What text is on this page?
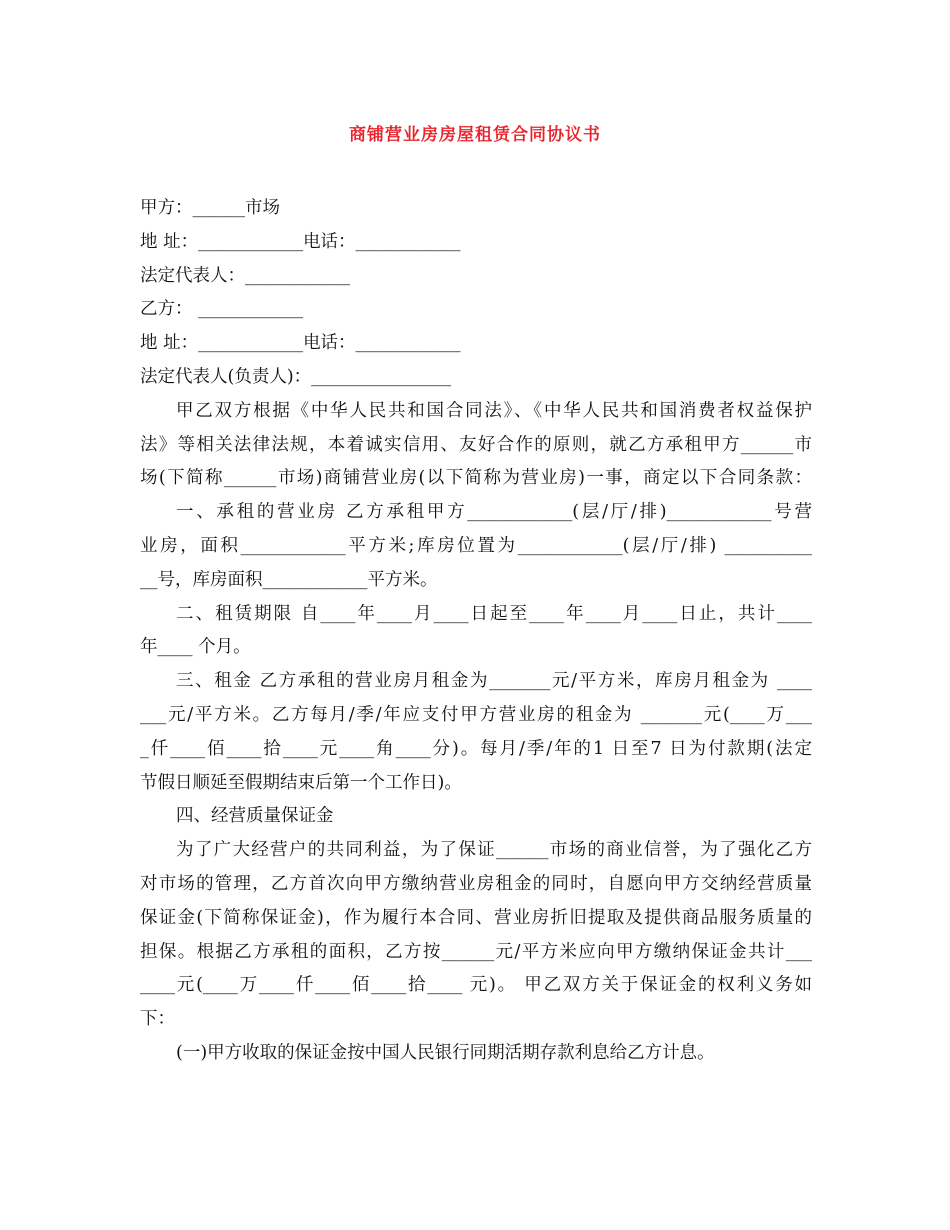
商铺营业房房屋租赁合同协议书
甲方：______市场
地 址：____________电话：____________
法定代表人：____________
乙方： ____________
地 址：____________电话：____________
法定代表人(负责人)：________________
甲乙双方根据《中华人民共和国合同法》、《中华人民共和国消费者权益保护
法》等相关法律法规，本着诚实信用、友好合作的原则，就乙方承租甲方______市
场(下简称______市场)商铺营业房(以下简称为营业房)一事，商定以下合同条款：
一、承租的营业房 乙方承租甲方____________(层/厅/排)____________号营
业房，面积____________平方米;库房位置为____________(层/厅/排) __________
__号，库房面积____________平方米。
二、租赁期限 自____年____月____日起至____年____月____日止，共计____
年____ 个月。
三、租金 乙方承租的营业房月租金为_______元/平方米，库房月租金为 ____
___元/平方米。乙方每月/季/年应支付甲方营业房的租金为 _______元(____万___
_仟____佰____拾____元____角____分)。每月/季/年的1 日至7 日为付款期(法定
节假日顺延至假期结束后第一个工作日)。
四、经营质量保证金
为了广大经营户的共同利益，为了保证______市场的商业信誉，为了强化乙方
对市场的管理，乙方首次向甲方缴纳营业房租金的同时，自愿向甲方交纳经营质量
保证金(下简称保证金)，作为履行本合同、营业房折旧提取及提供商品服务质量的
担保。根据乙方承租的面积，乙方按______元/平方米应向甲方缴纳保证金共计___
____元(____万____仟____佰____拾____ 元)。 甲乙双方关于保证金的权利义务如
下：
(一)甲方收取的保证金按中国人民银行同期活期存款利息给乙方计息。
